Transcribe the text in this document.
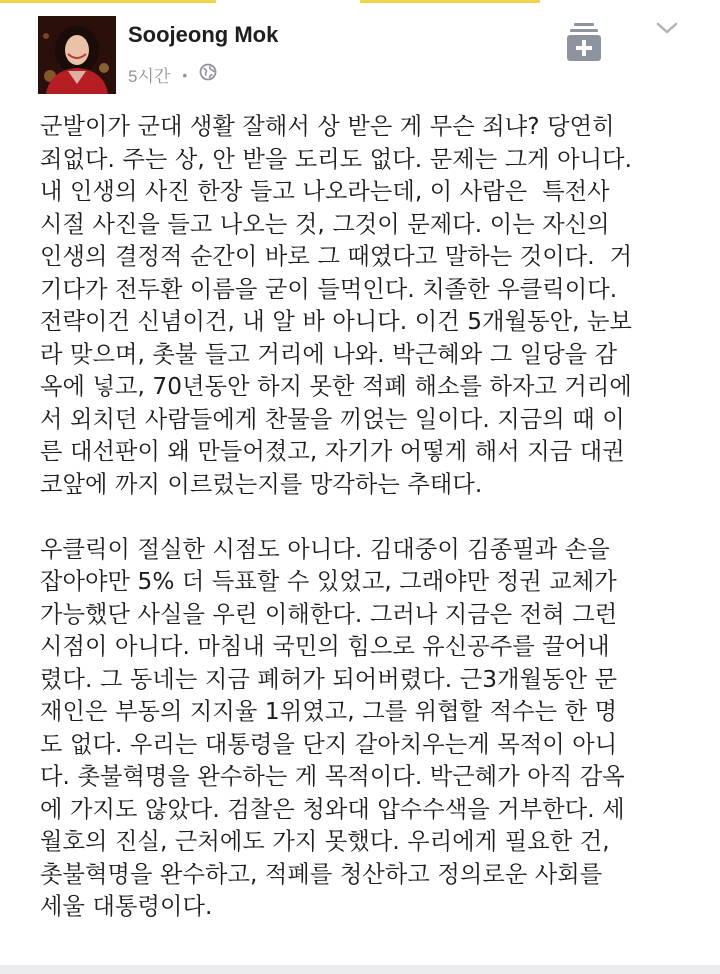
Soojeong Mok
5시간 •
군발이가 군대 생활 잘해서 상 받은 게 무슨 죄냐? 당연히
죄없다. 주는 상, 안 받을 도리도 없다. 문제는 그게 아니다.
내 인생의 사진 한장 들고 나오라는데, 이 사람은  특전사
시절 사진을 들고 나오는 것, 그것이 문제다. 이는 자신의
인생의 결정적 순간이 바로 그 때였다고 말하는 것이다.  거
기다가 전두환 이름을 굳이 들먹인다. 치졸한 우클릭이다.
전략이건 신념이건, 내 알 바 아니다. 이건 5개월동안, 눈보
라 맞으며, 촛불 들고 거리에 나와. 박근혜와 그 일당을 감
옥에 넣고, 70년동안 하지 못한 적폐 해소를 하자고 거리에
서 외치던 사람들에게 찬물을 끼얹는 일이다. 지금의 때 이
른 대선판이 왜 만들어졌고, 자기가 어떻게 해서 지금 대권
코앞에 까지 이르렀는지를 망각하는 추태다.
우클릭이 절실한 시점도 아니다. 김대중이 김종필과 손을
잡아야만 5% 더 득표할 수 있었고, 그래야만 정권 교체가
가능했단 사실을 우린 이해한다. 그러나 지금은 전혀 그런
시점이 아니다. 마침내 국민의 힘으로 유신공주를 끌어내
렸다. 그 동네는 지금 폐허가 되어버렸다. 근3개월동안 문
재인은 부동의 지지율 1위였고, 그를 위협할 적수는 한 명
도 없다. 우리는 대통령을 단지 갈아치우는게 목적이 아니
다. 촛불혁명을 완수하는 게 목적이다. 박근혜가 아직 감옥
에 가지도 않았다. 검찰은 청와대 압수수색을 거부한다. 세
월호의 진실, 근처에도 가지 못했다. 우리에게 필요한 건,
촛불혁명을 완수하고, 적폐를 청산하고 정의로운 사회를
세울 대통령이다.
